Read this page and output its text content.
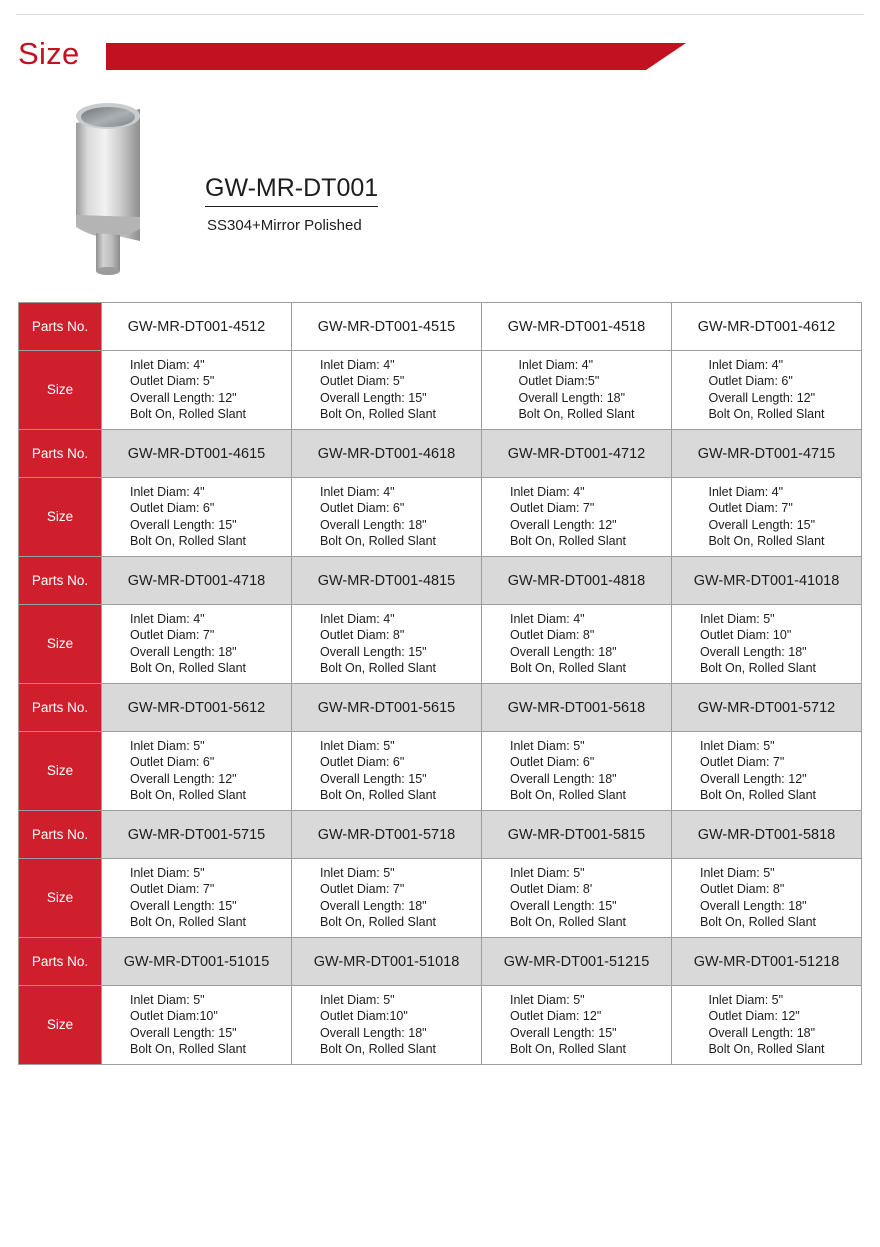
Size
GW-MR-DT001
SS304+Mirror Polished
Parts No.	GW-MR-DT001-4512	GW-MR-DT001-4515	GW-MR-DT001-4518	GW-MR-DT001-4612
Size	Inlet Diam: 4"
Outlet Diam: 5"
Overall Length: 12"
Bolt On, Rolled Slant	Inlet Diam: 4"
Outlet Diam: 5"
Overall Length: 15"
Bolt On, Rolled Slant	Inlet Diam: 4"
Outlet Diam:5"
Overall Length: 18"
Bolt On, Rolled Slant	Inlet Diam: 4"
Outlet Diam: 6"
Overall Length: 12"
Bolt On, Rolled Slant
Parts No.	GW-MR-DT001-4615	GW-MR-DT001-4618	GW-MR-DT001-4712	GW-MR-DT001-4715
Size	Inlet Diam: 4"
Outlet Diam: 6"
Overall Length: 15"
Bolt On, Rolled Slant	Inlet Diam: 4"
Outlet Diam: 6"
Overall Length: 18"
Bolt On, Rolled Slant	Inlet Diam: 4"
Outlet Diam: 7"
Overall Length: 12"
Bolt On, Rolled Slant	Inlet Diam: 4"
Outlet Diam: 7"
Overall Length: 15"
Bolt On, Rolled Slant
Parts No.	GW-MR-DT001-4718	GW-MR-DT001-4815	GW-MR-DT001-4818	GW-MR-DT001-41018
Size	Inlet Diam: 4"
Outlet Diam: 7"
Overall Length: 18"
Bolt On, Rolled Slant	Inlet Diam: 4"
Outlet Diam: 8"
Overall Length: 15"
Bolt On, Rolled Slant	Inlet Diam: 4"
Outlet Diam: 8"
Overall Length: 18"
Bolt On, Rolled Slant	Inlet Diam: 5"
Outlet Diam: 10"
Overall Length: 18"
Bolt On, Rolled Slant
Parts No.	GW-MR-DT001-5612	GW-MR-DT001-5615	GW-MR-DT001-5618	GW-MR-DT001-5712
Size	Inlet Diam: 5"
Outlet Diam: 6"
Overall Length: 12"
Bolt On, Rolled Slant	Inlet Diam: 5"
Outlet Diam: 6"
Overall Length: 15"
Bolt On, Rolled Slant	Inlet Diam: 5"
Outlet Diam: 6"
Overall Length: 18"
Bolt On, Rolled Slant	Inlet Diam: 5"
Outlet Diam: 7"
Overall Length: 12"
Bolt On, Rolled Slant
Parts No.	GW-MR-DT001-5715	GW-MR-DT001-5718	GW-MR-DT001-5815	GW-MR-DT001-5818
Size	Inlet Diam: 5"
Outlet Diam: 7"
Overall Length: 15"
Bolt On, Rolled Slant	Inlet Diam: 5"
Outlet Diam: 7"
Overall Length: 18"
Bolt On, Rolled Slant	Inlet Diam: 5"
Outlet Diam: 8'
Overall Length: 15"
Bolt On, Rolled Slant	Inlet Diam: 5"
Outlet Diam: 8"
Overall Length: 18"
Bolt On, Rolled Slant
Parts No.	GW-MR-DT001-51015	GW-MR-DT001-51018	GW-MR-DT001-51215	GW-MR-DT001-51218
Size	Inlet Diam: 5"
Outlet Diam:10"
Overall Length: 15"
Bolt On, Rolled Slant	Inlet Diam: 5"
Outlet Diam:10"
Overall Length: 18"
Bolt On, Rolled Slant	Inlet Diam: 5"
Outlet Diam: 12"
Overall Length: 15"
Bolt On, Rolled Slant	Inlet Diam: 5"
Outlet Diam: 12"
Overall Length: 18"
Bolt On, Rolled Slant
